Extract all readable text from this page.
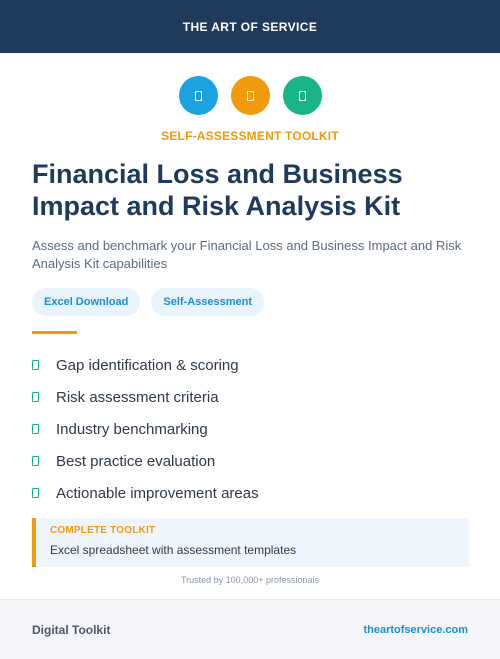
THE ART OF SERVICE
SELF-ASSESSMENT TOOLKIT
Financial Loss and Business Impact and Risk Analysis Kit

Assess and benchmark your Financial Loss and Business Impact and Risk Analysis Kit capabilities

Excel Download	Self-Assessment
Gap identification & scoring
Risk assessment criteria
Industry benchmarking
Best practice evaluation
Actionable improvement areas
COMPLETE TOOLKIT
Excel spreadsheet with assessment templates
Trusted by 100,000+ professionals
Digital Toolkit	theartofservice.com
